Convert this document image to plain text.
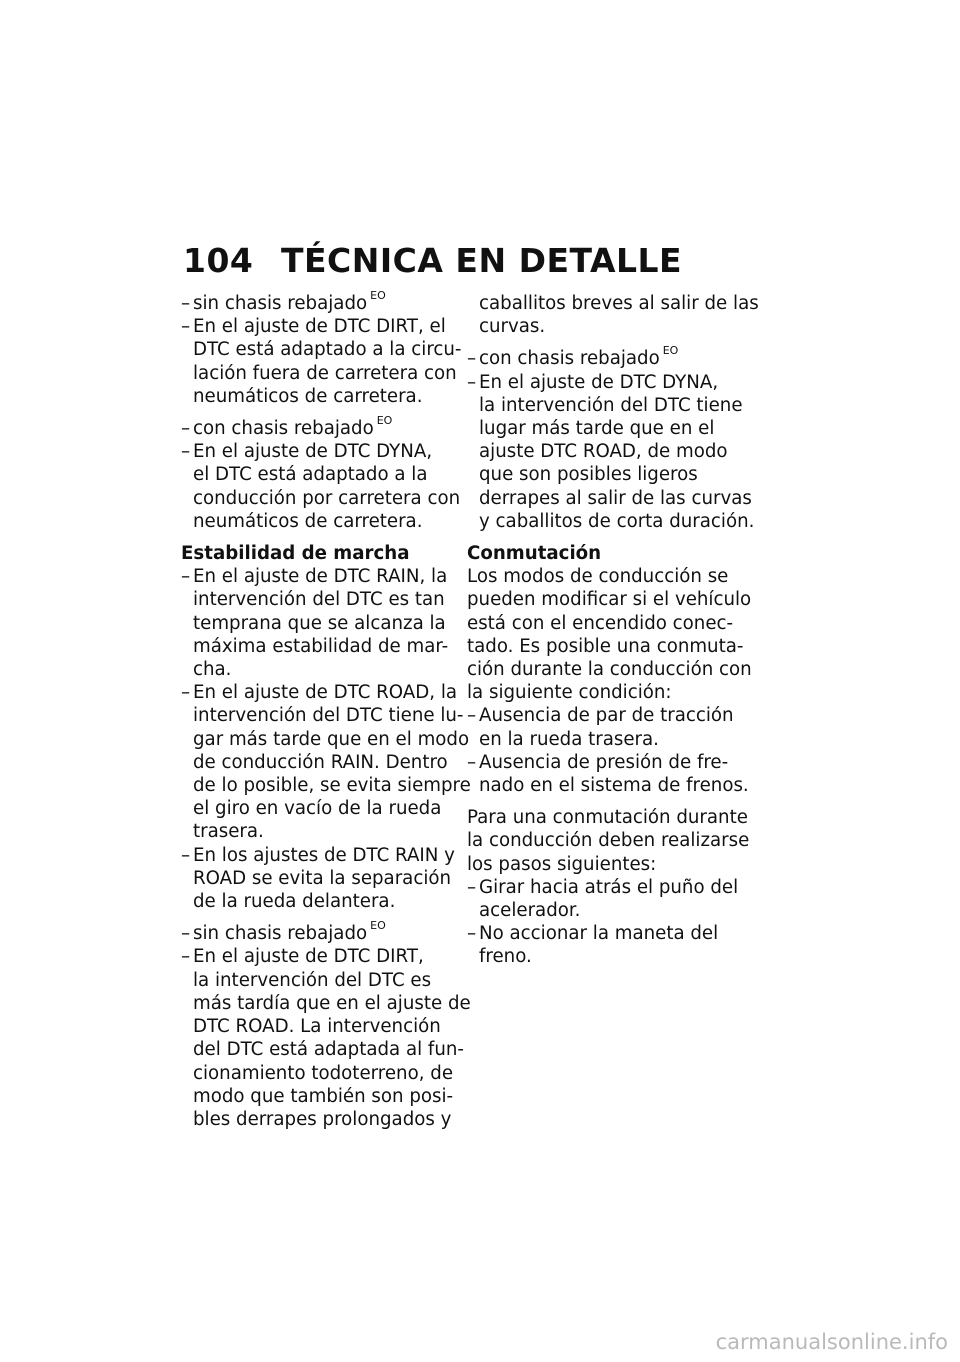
104 TÉCNICA EN DETALLE
– sin chasis rebajado $^{EO}$
– En el ajuste de DTC DIRT, el
DTC está adaptado a la circu-
lación fuera de carretera con
neumáticos de carretera.
– con chasis rebajado $^{EO}$
– En el ajuste de DTC DYNA,
el DTC está adaptado a la
conducción por carretera con
neumáticos de carretera.
Estabilidad de marcha
– En el ajuste de DTC RAIN, la
intervención del DTC es tan
temprana que se alcanza la
máxima estabilidad de mar-
cha.
– En el ajuste de DTC ROAD, la
intervención del DTC tiene lu-
gar más tarde que en el modo
de conducción RAIN. Dentro
de lo posible, se evita siempre
el giro en vacío de la rueda
trasera.
– En los ajustes de DTC RAIN y
ROAD se evita la separación
de la rueda delantera.
– sin chasis rebajado $^{EO}$
– En el ajuste de DTC DIRT,
la intervención del DTC es
más tardía que en el ajuste de
DTC ROAD. La intervención
del DTC está adaptada al fun-
cionamiento todoterreno, de
modo que también son posi-
bles derrapes prolongados y
caballitos breves al salir de las
curvas.
– con chasis rebajado $^{EO}$
– En el ajuste de DTC DYNA,
la intervención del DTC tiene
lugar más tarde que en el
ajuste DTC ROAD, de modo
que son posibles ligeros
derrapes al salir de las curvas
y caballitos de corta duración.
Conmutación
Los modos de conducción se
pueden modificar si el vehículo
está con el encendido conec-
tado. Es posible una conmuta-
ción durante la conducción con
la siguiente condición:
– Ausencia de par de tracción
en la rueda trasera.
– Ausencia de presión de fre-
nado en el sistema de frenos.
Para una conmutación durante
la conducción deben realizarse
los pasos siguientes:
– Girar hacia atrás el puño del
acelerador.
– No accionar la maneta del
freno.
carmanualsonline.info
